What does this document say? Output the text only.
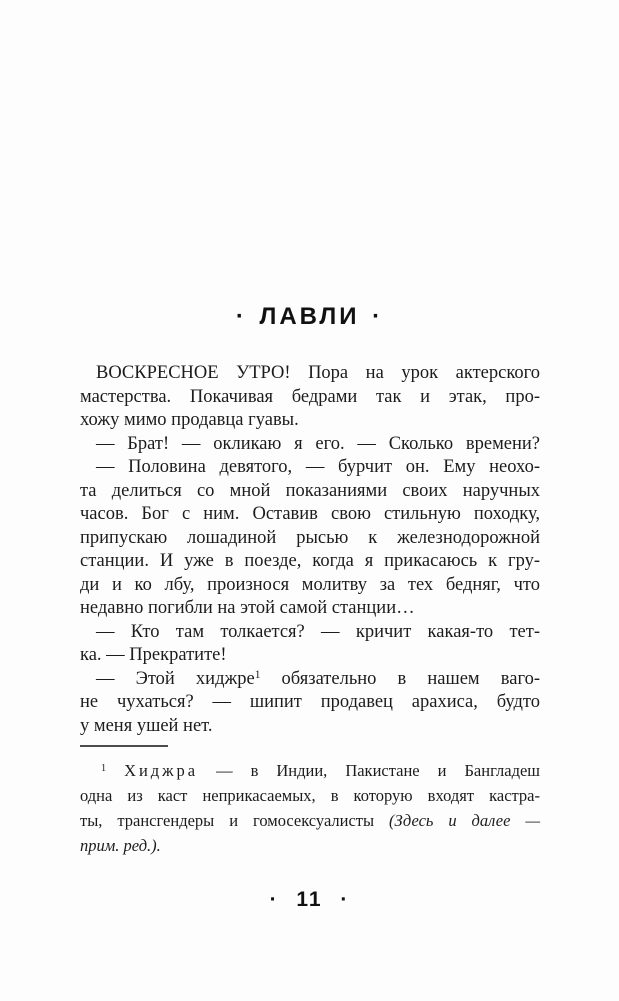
· ЛАВЛИ ·
ВОСКРЕСНОЕ УТРО! Пора на урок актерского
мастерства. Покачивая бедрами так и этак, про-
хожу мимо продавца гуавы.
— Брат! — окликаю я его. — Сколько времени?
— Половина девятого, — бурчит он. Ему неохо-
та делиться со мной показаниями своих наручных
часов. Бог с ним. Оставив свою стильную походку,
припускаю лошадиной рысью к железнодорожной
станции. И уже в поезде, когда я прикасаюсь к гру-
ди и ко лбу, произнося молитву за тех бедняг, что
недавно погибли на этой самой станции…
— Кто там толкается? — кричит какая-то тет-
ка. — Прекратите!
— Этой хиджре$^1$ обязательно в нашем ваго-
не чухаться? — шипит продавец арахиса, будто
у меня ушей нет.
$^1$ Хиджра — в Индии, Пакистане и Бангладеш
одна из каст неприкасаемых, в которую входят кастра-
ты, трансгендеры и гомосексуалисты (Здесь и далее —
прим. ред.).
· 11 ·
